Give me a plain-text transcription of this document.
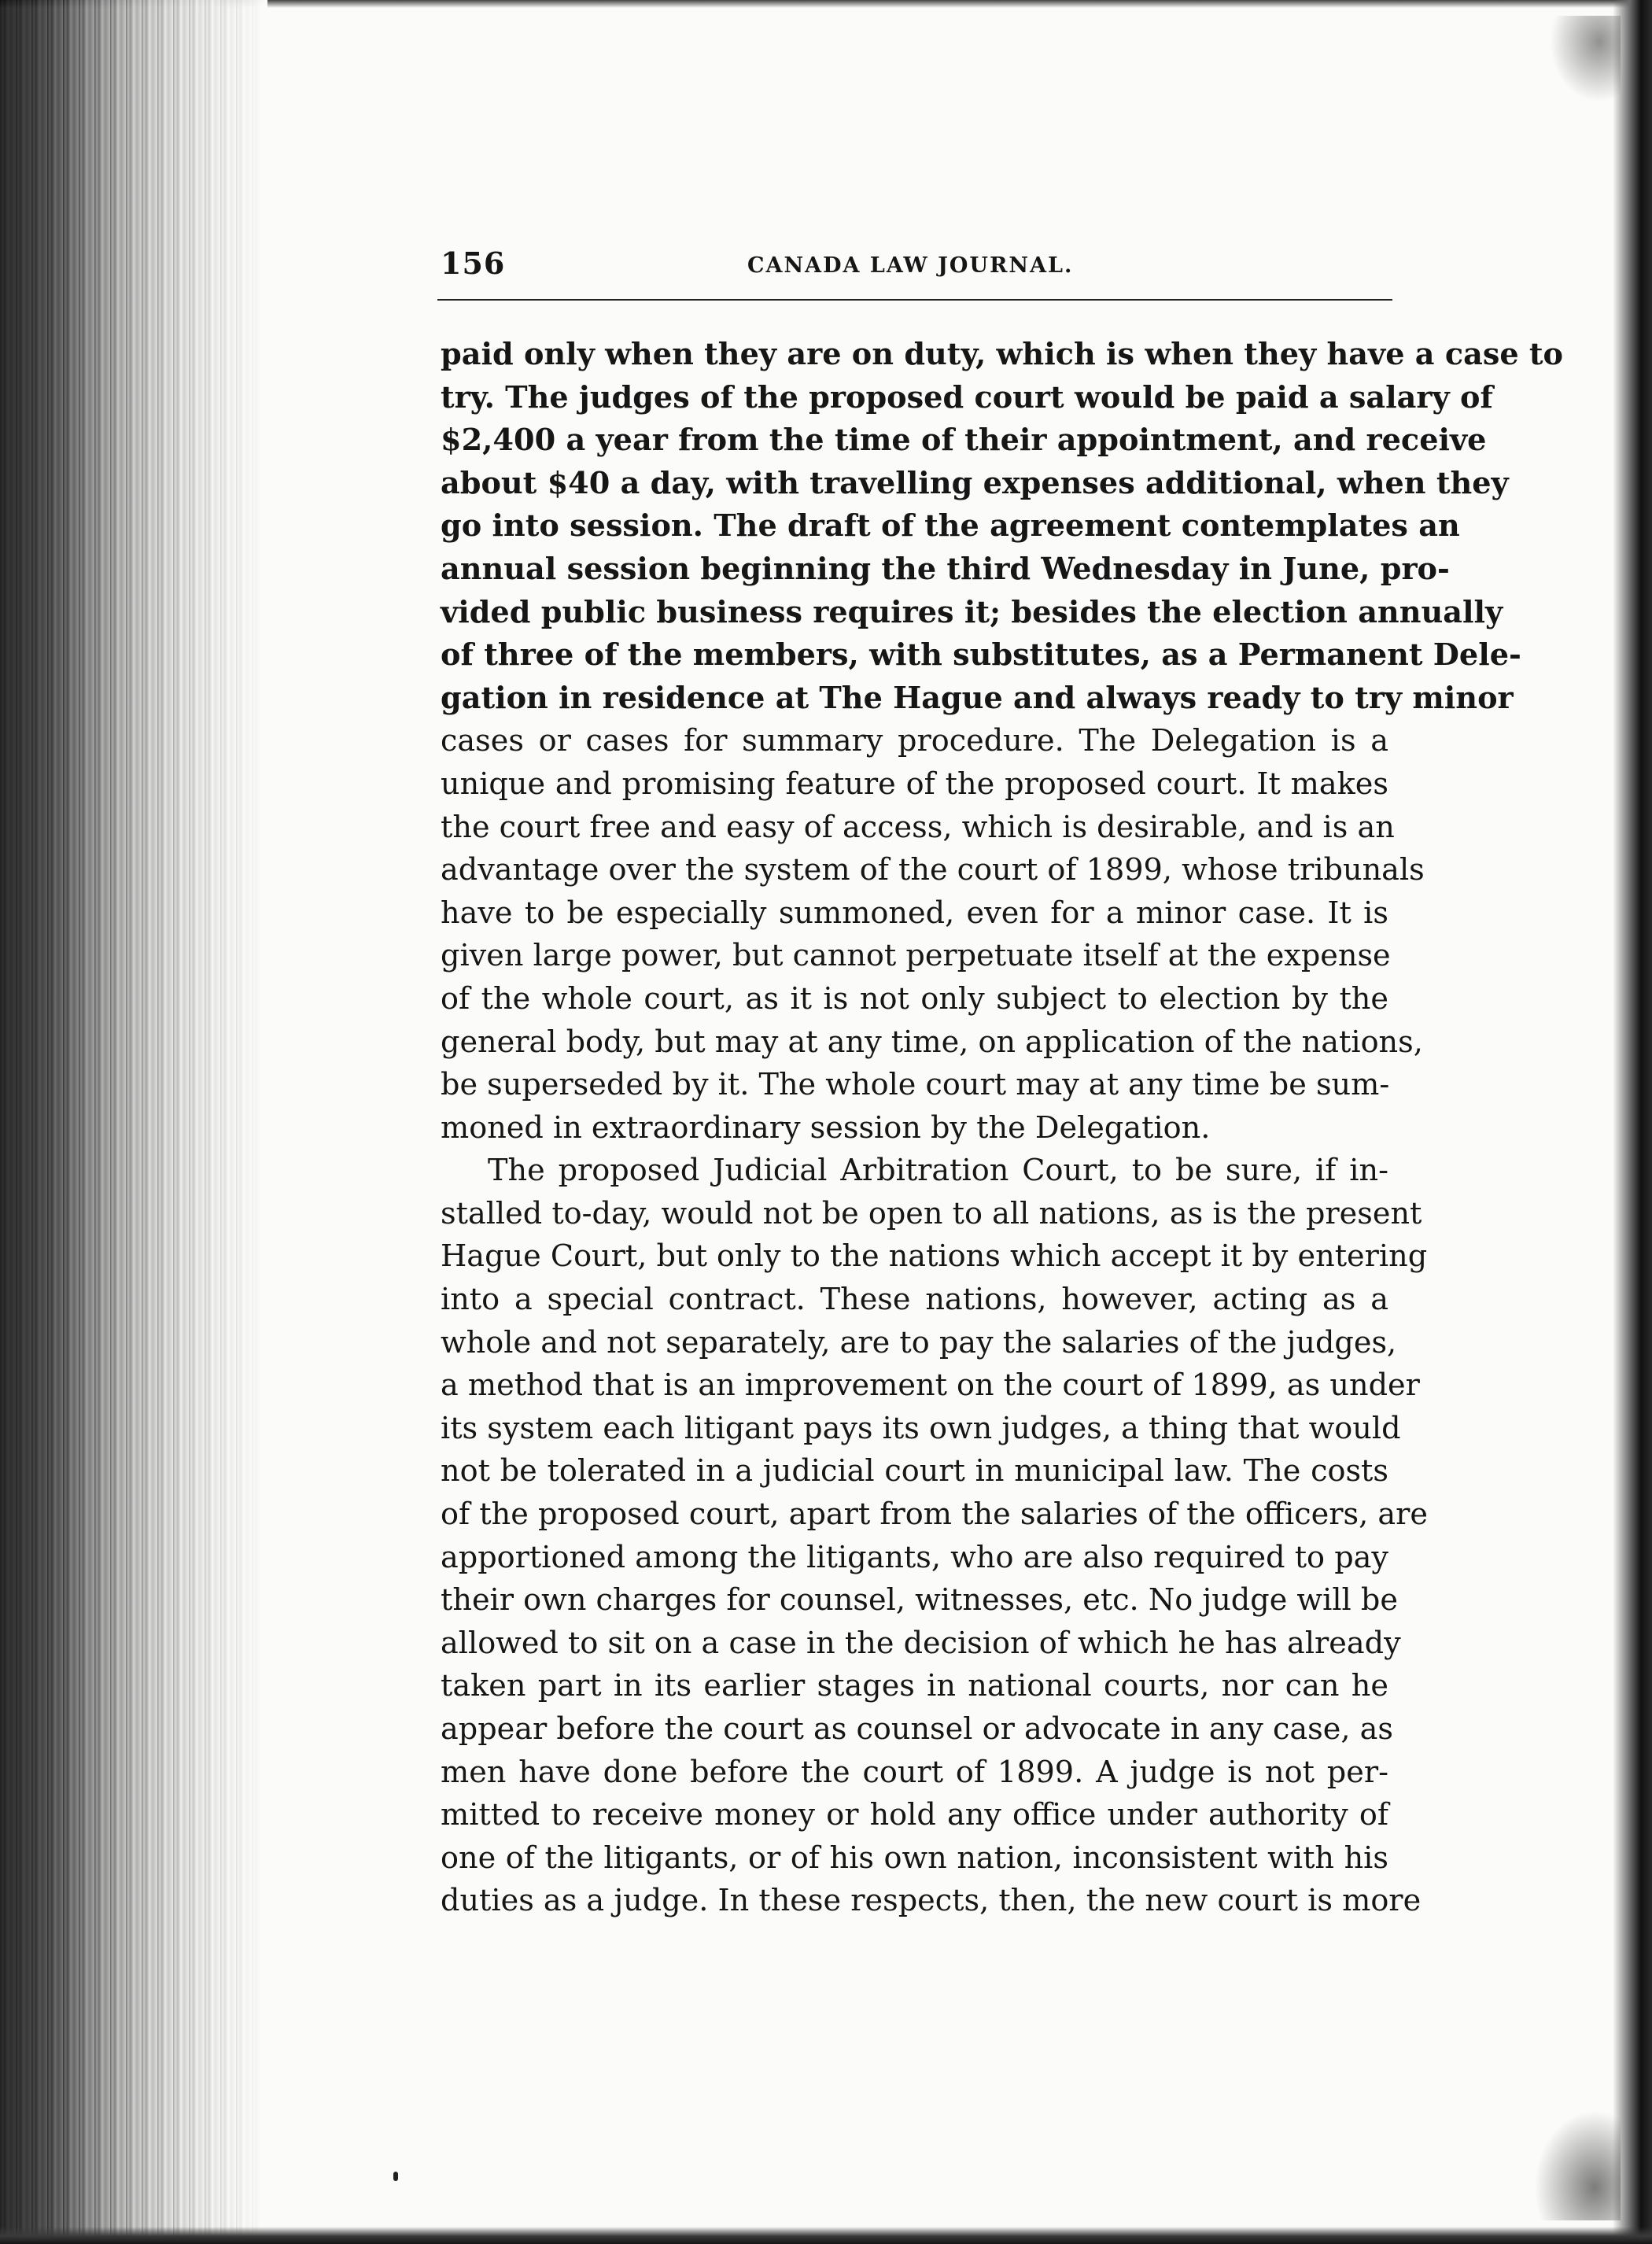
156	CANADA LAW JOURNAL.

paid only when they are on duty, which is when they have a case to
try. The judges of the proposed court would be paid a salary of
$2,400 a year from the time of their appointment, and receive
about $40 a day, with travelling expenses additional, when they
go into session. The draft of the agreement contemplates an
annual session beginning the third Wednesday in June, pro-
vided public business requires it; besides the election annually
of three of the members, with substitutes, as a Permanent Dele-
gation in residence at The Hague and always ready to try minor
cases or cases for summary procedure. The Delegation is a
unique and promising feature of the proposed court. It makes
the court free and easy of access, which is desirable, and is an
advantage over the system of the court of 1899, whose tribunals
have to be especially summoned, even for a minor case. It is
given large power, but cannot perpetuate itself at the expense
of the whole court, as it is not only subject to election by the
general body, but may at any time, on application of the nations,
be superseded by it. The whole court may at any time be sum-
moned in extraordinary session by the Delegation.

The proposed Judicial Arbitration Court, to be sure, if in-
stalled to-day, would not be open to all nations, as is the present
Hague Court, but only to the nations which accept it by entering
into a special contract. These nations, however, acting as a
whole and not separately, are to pay the salaries of the judges,
a method that is an improvement on the court of 1899, as under
its system each litigant pays its own judges, a thing that would
not be tolerated in a judicial court in municipal law. The costs
of the proposed court, apart from the salaries of the officers, are
apportioned among the litigants, who are also required to pay
their own charges for counsel, witnesses, etc. No judge will be
allowed to sit on a case in the decision of which he has already
taken part in its earlier stages in national courts, nor can he
appear before the court as counsel or advocate in any case, as
men have done before the court of 1899. A judge is not per-
mitted to receive money or hold any office under authority of
one of the litigants, or of his own nation, inconsistent with his
duties as a judge. In these respects, then, the new court is more
